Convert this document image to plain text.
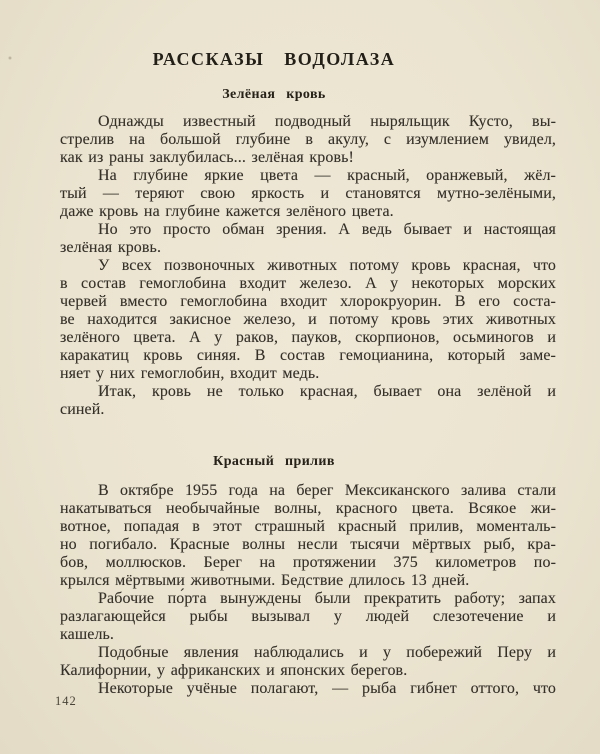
РАССКАЗЫ ВОДОЛАЗА
Зелёная кровь
Однажды известный подводный ныряльщик Кусто, вы-
стрелив на большой глубине в акулу, с изумлением увидел,
как из раны заклубилась... зелёная кровь!
На глубине яркие цвета — красный, оранжевый, жёл-
тый — теряют свою яркость и становятся мутно-зелёными,
даже кровь на глубине кажется зелёного цвета.
Но это просто обман зрения. А ведь бывает и настоящая
зелёная кровь.
У всех позвоночных животных потому кровь красная, что
в состав гемоглобина входит железо. А у некоторых морских
червей вместо гемоглобина входит хлорокруорин. В его соста-
ве находится закисное железо, и потому кровь этих животных
зелёного цвета. А у раков, пауков, скорпионов, осьминогов и
каракатиц кровь синяя. В состав гемоцианина, который заме-
няет у них гемоглобин, входит медь.
Итак, кровь не только красная, бывает она зелёной и
синей.
Красный прилив
В октябре 1955 года на берег Мексиканского залива стали
накатываться необычайные волны, красного цвета. Всякое жи-
вотное, попадая в этот страшный красный прилив, моменталь-
но погибало. Красные волны несли тысячи мёртвых рыб, кра-
бов, моллюсков. Берег на протяжении 375 километров по-
крылся мёртвыми животными. Бедствие длилось 13 дней.
Рабочие по́рта вынуждены были прекратить работу; запах
разлагающейся рыбы вызывал у людей слезотечение и
кашель.
Подобные явления наблюдались и у побережий Перу и
Калифорнии, у африканских и японских берегов.
Некоторые учёные полагают, — рыба гибнет оттого, что
142
